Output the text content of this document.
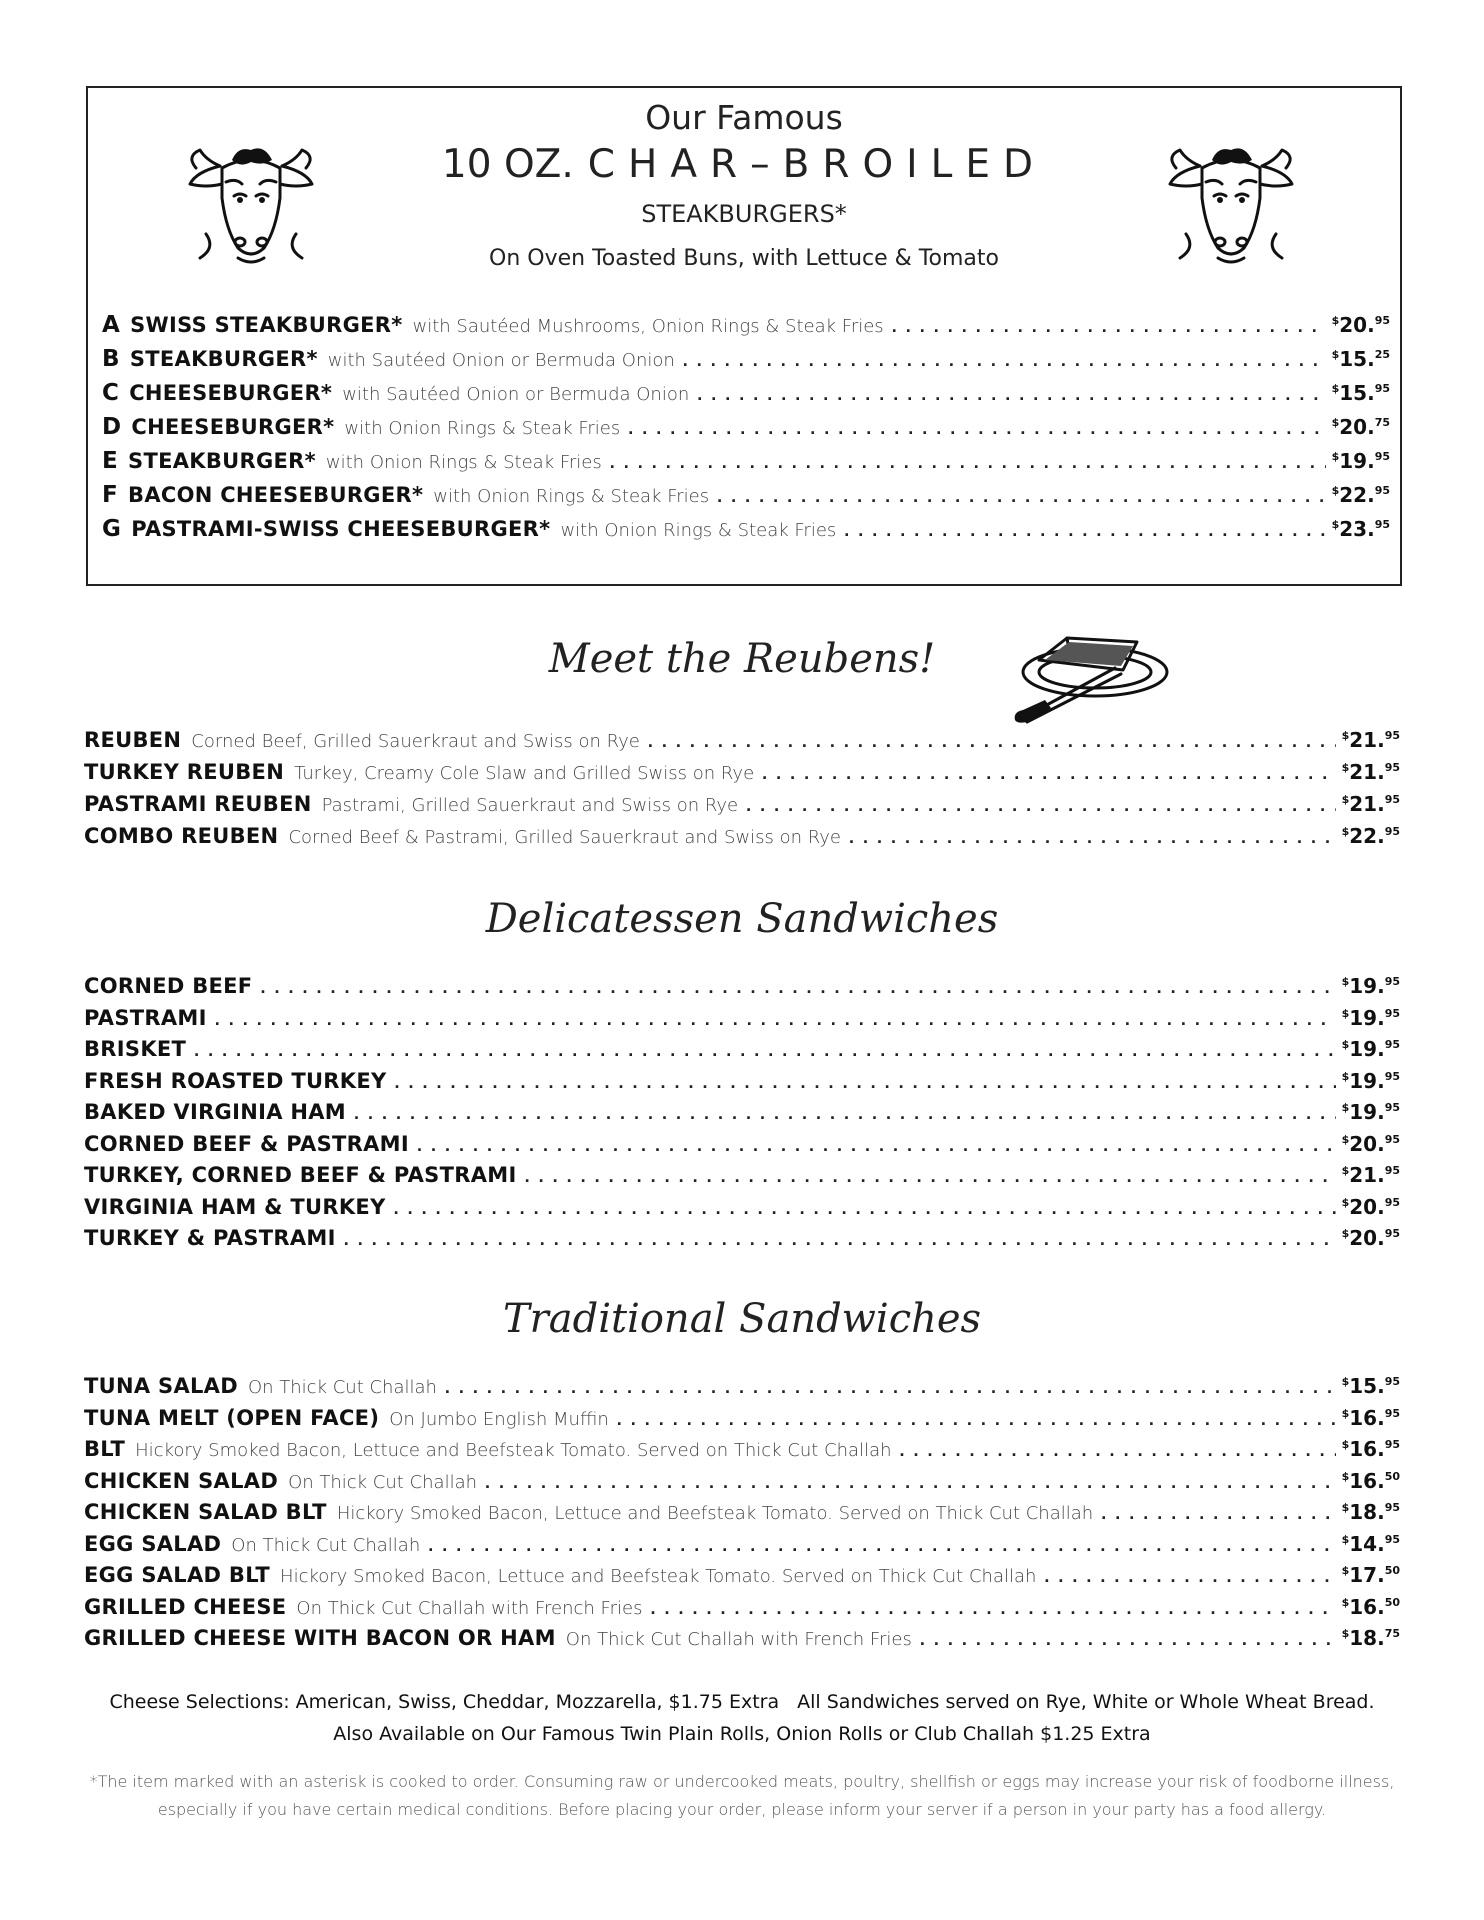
Our Famous
10 OZ. CHAR–BROILED
STEAKBURGERS*
On Oven Toasted Buns, with Lettuce & Tomato
A SWISS STEAKBURGER* with Sautéed Mushrooms, Onion Rings & Steak Fries . . .	$20.95
B STEAKBURGER* with Sautéed Onion or Bermuda Onion . . .	$15.25
C CHEESEBURGER* with Sautéed Onion or Bermuda Onion . . .	$15.95
D CHEESEBURGER* with Onion Rings & Steak Fries . . .	$20.75
E STEAKBURGER* with Onion Rings & Steak Fries . . .	$19.95
F BACON CHEESEBURGER* with Onion Rings & Steak Fries . . .	$22.95
G PASTRAMI-SWISS CHEESEBURGER* with Onion Rings & Steak Fries . . .	$23.95
Meet the Reubens!
REUBEN Corned Beef, Grilled Sauerkraut and Swiss on Rye . . .	$21.95
TURKEY REUBEN Turkey, Creamy Cole Slaw and Grilled Swiss on Rye . . .	$21.95
PASTRAMI REUBEN Pastrami, Grilled Sauerkraut and Swiss on Rye . . .	$21.95
COMBO REUBEN Corned Beef & Pastrami, Grilled Sauerkraut and Swiss on Rye . . .	$22.95
Delicatessen Sandwiches
CORNED BEEF . . .	$19.95
PASTRAMI . . .	$19.95
BRISKET . . .	$19.95
FRESH ROASTED TURKEY . . .	$19.95
BAKED VIRGINIA HAM . . .	$19.95
CORNED BEEF & PASTRAMI . . .	$20.95
TURKEY, CORNED BEEF & PASTRAMI . . .	$21.95
VIRGINIA HAM & TURKEY . . .	$20.95
TURKEY & PASTRAMI . . .	$20.95
Traditional Sandwiches
TUNA SALAD On Thick Cut Challah . . .	$15.95
TUNA MELT (OPEN FACE) On Jumbo English Muffin . . .	$16.95
BLT Hickory Smoked Bacon, Lettuce and Beefsteak Tomato. Served on Thick Cut Challah . . .	$16.95
CHICKEN SALAD On Thick Cut Challah . . .	$16.50
CHICKEN SALAD BLT Hickory Smoked Bacon, Lettuce and Beefsteak Tomato. Served on Thick Cut Challah . . .	$18.95
EGG SALAD On Thick Cut Challah . . .	$14.95
EGG SALAD BLT Hickory Smoked Bacon, Lettuce and Beefsteak Tomato. Served on Thick Cut Challah . . .	$17.50
GRILLED CHEESE On Thick Cut Challah with French Fries . . .	$16.50
GRILLED CHEESE WITH BACON OR HAM On Thick Cut Challah with French Fries . . .	$18.75
Cheese Selections: American, Swiss, Cheddar, Mozzarella, $1.75 Extra All Sandwiches served on Rye, White or Whole Wheat Bread.
Also Available on Our Famous Twin Plain Rolls, Onion Rolls or Club Challah $1.25 Extra
*The item marked with an asterisk is cooked to order. Consuming raw or undercooked meats, poultry, shellfish or eggs may increase your risk of foodborne illness, especially if you have certain medical conditions. Before placing your order, please inform your server if a person in your party has a food allergy.
